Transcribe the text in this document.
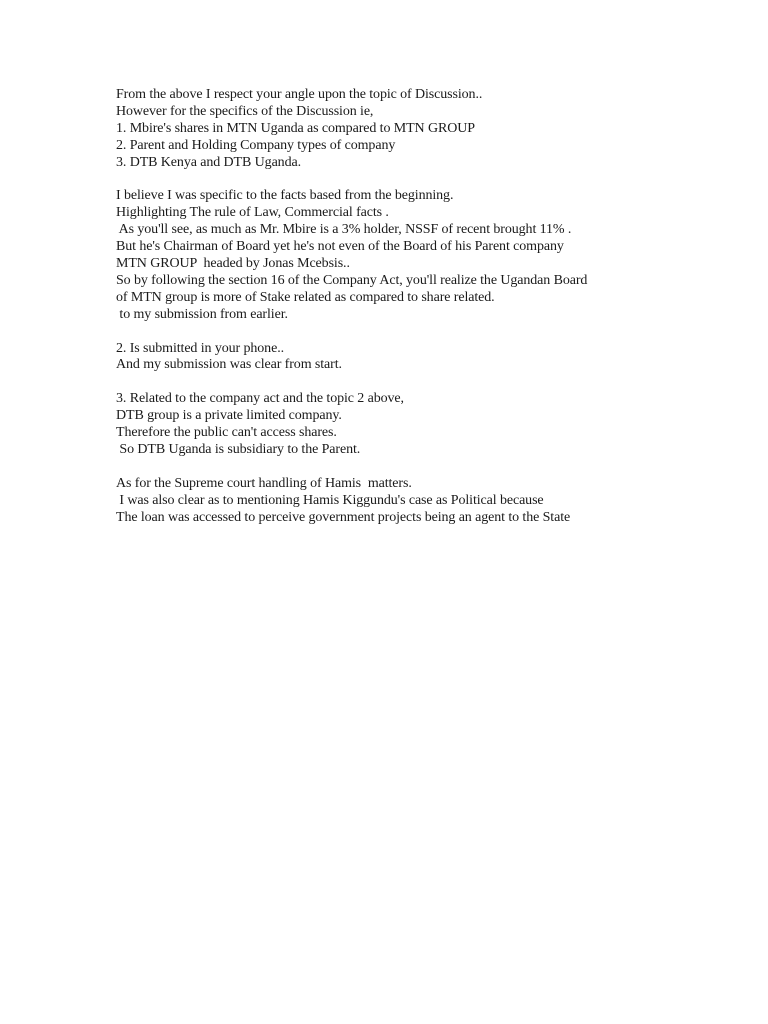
From the above I respect your angle upon the topic of Discussion..
However for the specifics of the Discussion ie,
1. Mbire's shares in MTN Uganda as compared to MTN GROUP
2. Parent and Holding Company types of company
3. DTB Kenya and DTB Uganda.

I believe I was specific to the facts based from the beginning.
Highlighting The rule of Law, Commercial facts .
As you'll see, as much as Mr. Mbire is a 3% holder, NSSF of recent brought 11% .
But he's Chairman of Board yet he's not even of the Board of his Parent company
MTN GROUP  headed by Jonas Mcebsis..
So by following the section 16 of the Company Act, you'll realize the Ugandan Board
of MTN group is more of Stake related as compared to share related.
to my submission from earlier.

2. Is submitted in your phone..
And my submission was clear from start.

3. Related to the company act and the topic 2 above,
DTB group is a private limited company.
Therefore the public can't access shares.
So DTB Uganda is subsidiary to the Parent.

As for the Supreme court handling of Hamis  matters.
I was also clear as to mentioning Hamis Kiggundu's case as Political because
The loan was accessed to perceive government projects being an agent to the State
